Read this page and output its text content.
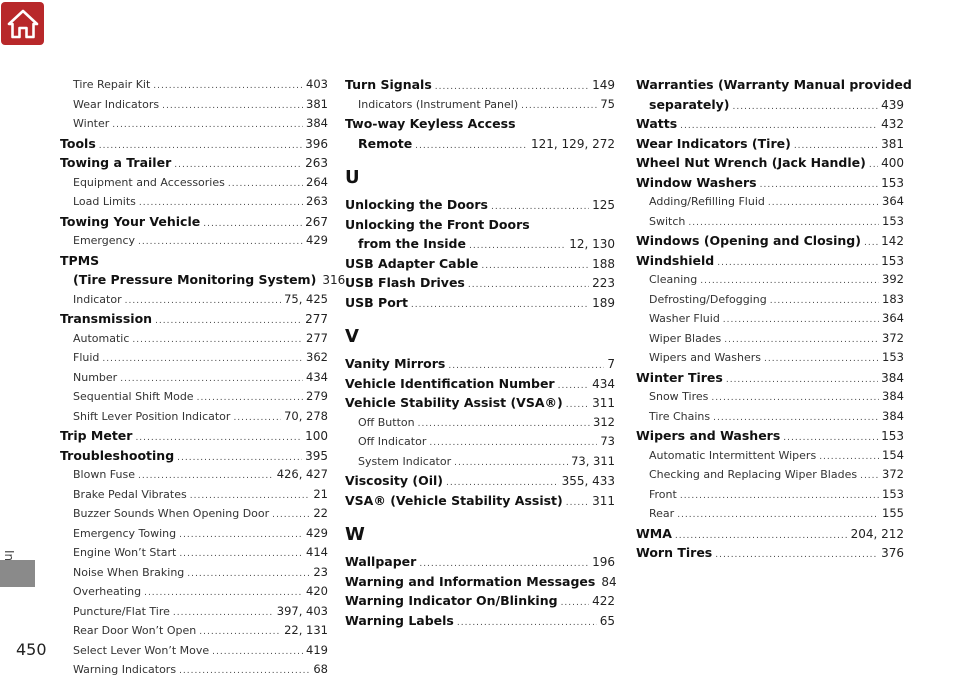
450
Tire Repair Kit .....	403
Wear Indicators .....	381
Winter .....	384
Tools .....	396
Towing a Trailer .....	263
Equipment and Accessories .....	264
Load Limits .....	263
Towing Your Vehicle .....	267
Emergency .....	429
TPMS
(Tire Pressure Monitoring System) 316
Indicator .....	75, 425
Transmission .....	277
Automatic .....	277
Fluid .....	362
Number .....	434
Sequential Shift Mode .....	279
Shift Lever Position Indicator .....	70, 278
Trip Meter .....	100
Troubleshooting .....	395
Blown Fuse .....	426, 427
Brake Pedal Vibrates .....	21
Buzzer Sounds When Opening Door .....	22
Emergency Towing .....	429
Engine Won’t Start .....	414
Noise When Braking .....	23
Overheating .....	420
Puncture/Flat Tire .....	397, 403
Rear Door Won’t Open .....	22, 131
Select Lever Won’t Move .....	419
Warning Indicators .....	68
Turn Signals .....	149
Indicators (Instrument Panel) .....	75
Two-way Keyless Access
Remote .....	121, 129, 272
U
Unlocking the Doors .....	125
Unlocking the Front Doors
from the Inside .....	12, 130
USB Adapter Cable .....	188
USB Flash Drives .....	223
USB Port .....	189
V
Vanity Mirrors .....	7
Vehicle Identification Number .....	434
Vehicle Stability Assist (VSA®) ..... 311
Off Button .....	312
Off Indicator .....	73
System Indicator .....	73, 311
Viscosity (Oil) .....	355, 433
VSA® (Vehicle Stability Assist) ..... 311
W
Wallpaper .....	196
Warning and Information Messages 84
Warning Indicator On/Blinking .....	422
Warning Labels .....	65
Warranties (Warranty Manual provided
separately) .....	439
Watts .....	432
Wear Indicators (Tire) .....	381
Wheel Nut Wrench (Jack Handle) ..... 400
Window Washers .....	153
Adding/Refilling Fluid .....	364
Switch .....	153
Windows (Opening and Closing) ..... 142
Windshield .....	153
Cleaning .....	392
Defrosting/Defogging .....	183
Washer Fluid .....	364
Wiper Blades .....	372
Wipers and Washers .....	153
Winter Tires .....	384
Snow Tires .....	384
Tire Chains .....	384
Wipers and Washers .....	153
Automatic Intermittent Wipers .....	154
Checking and Replacing Wiper Blades ..... 372
Front .....	153
Rear .....	155
WMA .....	204, 212
Worn Tires .....	376
